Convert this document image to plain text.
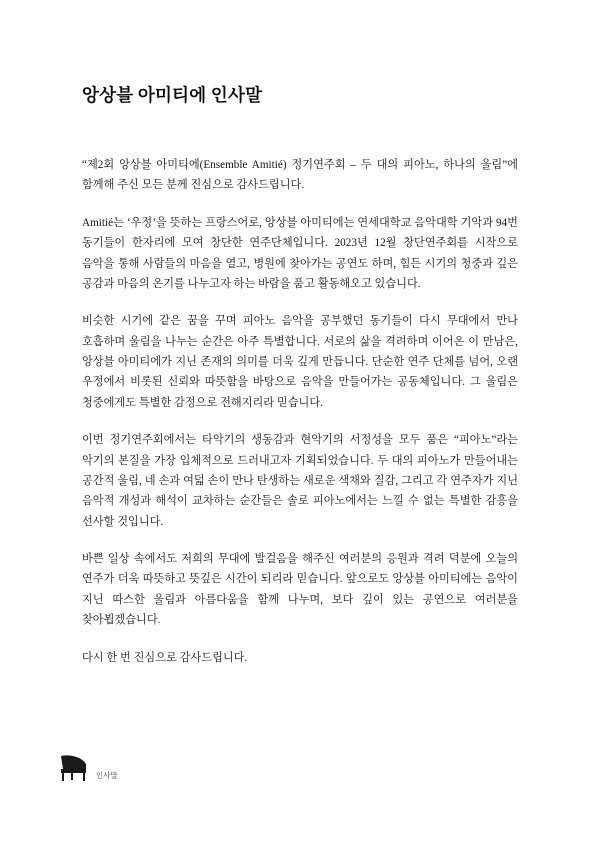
앙상블 아미티에 인사말

“제2회 앙상블 아미티에(Ensemble Amitié) 정기연주회 – 두 대의 피아노, 하나의 울림”에 함께해 주신 모든 분께 진심으로 감사드립니다.

Amitié는 ‘우정’을 뜻하는 프랑스어로, 앙상블 아미티에는 연세대학교 음악대학 기악과 94번 동기들이 한자리에 모여 창단한 연주단체입니다. 2023년 12월 창단연주회를 시작으로 음악을 통해 사람들의 마음을 열고, 병원에 찾아가는 공연도 하며, 힘든 시기의 청중과 깊은 공감과 마음의 온기를 나누고자 하는 바람을 품고 활동해오고 있습니다.

비슷한 시기에 같은 꿈을 꾸며 피아노 음악을 공부했던 동기들이 다시 무대에서 만나 호흡하며 울림을 나누는 순간은 아주 특별합니다. 서로의 삶을 격려하며 이어온 이 만남은, 앙상블 아미티에가 지닌 존재의 의미를 더욱 깊게 만듭니다. 단순한 연주 단체를 넘어, 오랜 우정에서 비롯된 신뢰와 따뜻함을 바탕으로 음악을 만들어가는 공동체입니다. 그 울림은 청중에게도 특별한 감정으로 전해지리라 믿습니다.

이번 정기연주회에서는 타악기의 생동감과 현악기의 서정성을 모두 품은 “피아노”라는 악기의 본질을 가장 입체적으로 드러내고자 기획되었습니다. 두 대의 피아노가 만들어내는 공간적 울림, 네 손과 여덟 손이 만나 탄생하는 새로운 색채와 질감, 그리고 각 연주자가 지닌 음악적 개성과 해석이 교차하는 순간들은 솔로 피아노에서는 느낄 수 없는 특별한 감흥을 선사할 것입니다.

바쁜 일상 속에서도 저희의 무대에 발걸음을 해주신 여러분의 응원과 격려 덕분에 오늘의 연주가 더욱 따뜻하고 뜻깊은 시간이 되리라 믿습니다. 앞으로도 앙상블 아미티에는 음악이 지닌 따스한 울림과 아름다움을 함께 나누며, 보다 깊이 있는 공연으로 여러분을 찾아뵙겠습니다.

다시 한 번 진심으로 감사드립니다.

인사말
